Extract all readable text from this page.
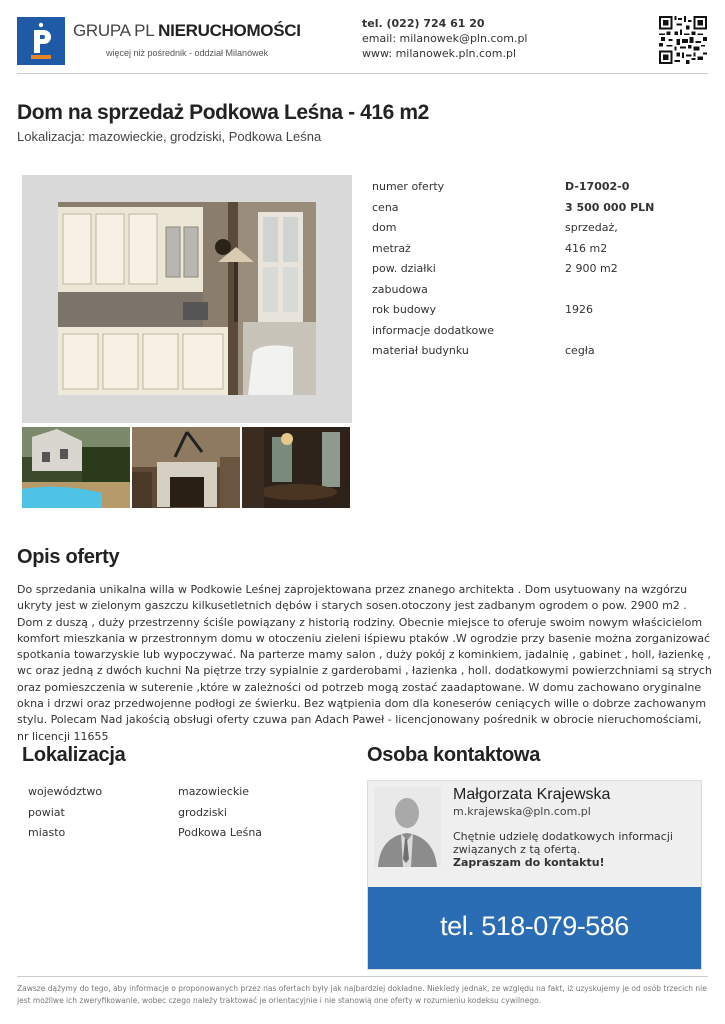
GRUPA PL NIERUCHOMOŚCI
więcej niż pośrednik - oddział Milanówek
tel. (022) 724 61 20
email: milanowek@pln.com.pl
www: milanowek.pln.com.pl
Dom na sprzedaż Podkowa Leśna - 416 m2
Lokalizacja: mazowieckie, grodziski, Podkowa Leśna
numer oferty	D-17002-0
cena	3 500 000 PLN
dom	sprzedaż,
metraż	416 m2
pow. działki	2 900 m2
zabudowa
rok budowy	1926
informacje dodatkowe
materiał budynku	cegła
Opis oferty

Do sprzedania unikalna willa w Podkowie Leśnej zaprojektowana przez znanego architekta . Dom usytuowany na wzgórzu ukryty jest w zielonym gaszczu kilkusetletnich dębów i starych sosen.otoczony jest zadbanym ogrodem o pow. 2900 m2 . Dom z duszą , duży przestrzenny ściśle powiązany z historią rodziny. Obecnie miejsce to oferuje swoim nowym właścicielom komfort mieszkania w przestronnym domu w otoczeniu zieleni iśpiewu ptaków .W ogrodzie przy basenie można zorganizować spotkania towarzyskie lub wypoczywać. Na parterze mamy salon , duży pokój z kominkiem, jadalnię , gabinet , holl, łazienkę , wc oraz jedną z dwóch kuchni Na piętrze trzy sypialnie z garderobami , łazienka , holl. dodatkowymi powierzchniami są strych oraz pomieszczenia w suterenie ,które w zależności od potrzeb mogą zostać zaadaptowane. W domu zachowano oryginalne okna i drzwi oraz przedwojenne podłogi ze świerku. Bez wątpienia dom dla koneserów ceniących wille o dobrze zachowanym stylu. Polecam Nad jakością obsługi oferty czuwa pan Adach Paweł - licencjonowany pośrednik w obrocie nieruchomościami, nr licencji 11655

Lokalizacja
województwo	mazowieckie
powiat	grodziski
miasto	Podkowa Leśna
Osoba kontaktowa
Małgorzata Krajewska
m.krajewska@pln.com.pl
Chętnie udzielę dodatkowych informacji związanych z tą ofertą.
Zapraszam do kontaktu!
tel. 518-079-586
Zawsze dążymy do tego, aby informacje o proponowanych przez nas ofertach były jak najbardziej dokładne. Niekiedy jednak, ze względu na fakt, iż uzyskujemy je od osób trzecich nie jest możliwe ich zweryfikowanie, wobec czego należy traktować je orientacyjnie i nie stanowią one oferty w rozumieniu kodeksu cywilnego.
